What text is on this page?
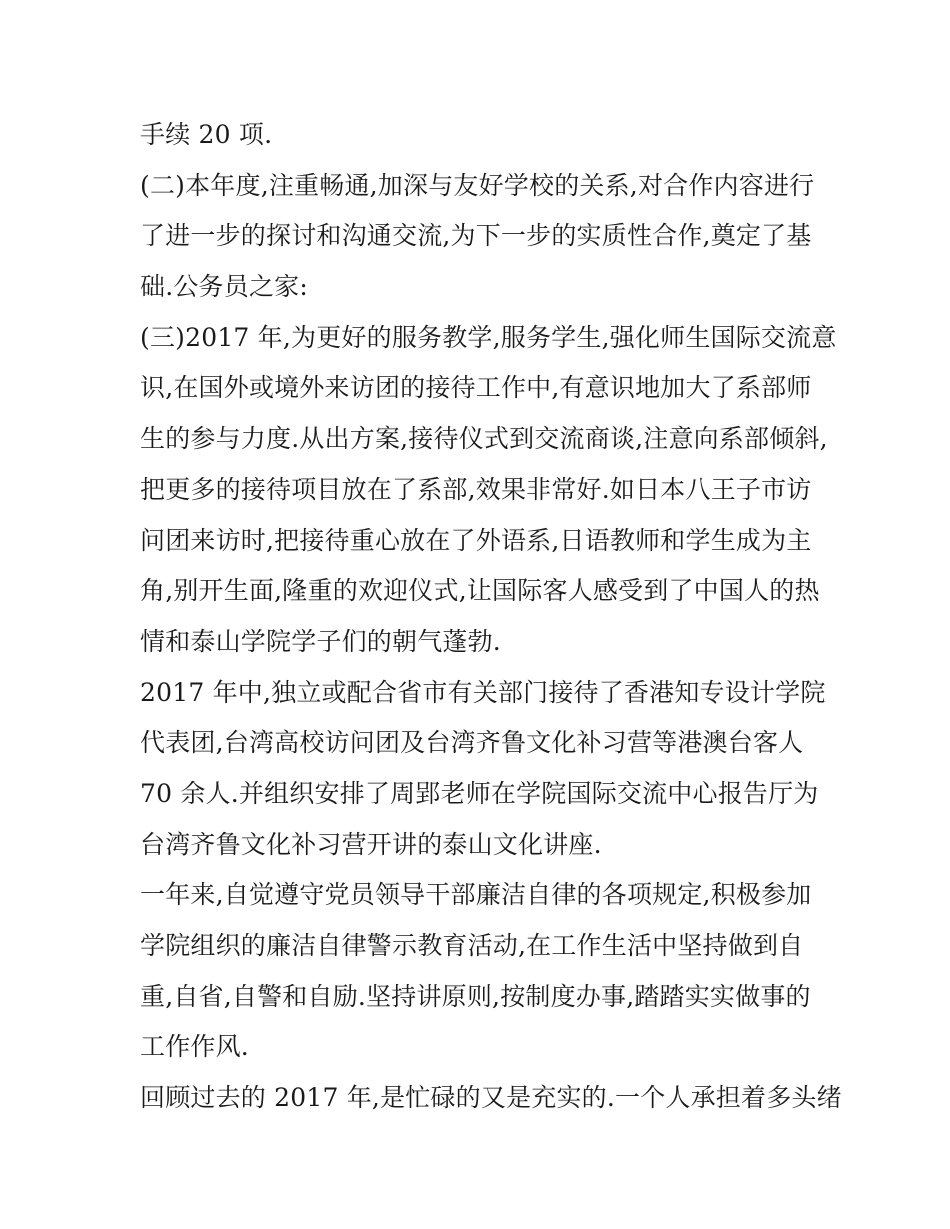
手续 20 项.
(二)本年度,注重畅通,加深与友好学校的关系,对合作内容进行
了进一步的探讨和沟通交流,为下一步的实质性合作,奠定了基
础.公务员之家:
(三)2017 年,为更好的服务教学,服务学生,强化师生国际交流意
识,在国外或境外来访团的接待工作中,有意识地加大了系部师
生的参与力度.从出方案,接待仪式到交流商谈,注意向系部倾斜,
把更多的接待项目放在了系部,效果非常好.如日本八王子市访
问团来访时,把接待重心放在了外语系,日语教师和学生成为主
角,别开生面,隆重的欢迎仪式,让国际客人感受到了中国人的热
情和泰山学院学子们的朝气蓬勃.
2017 年中,独立或配合省市有关部门接待了香港知专设计学院
代表团,台湾高校访问团及台湾齐鲁文化补习营等港澳台客人
70 余人.并组织安排了周郢老师在学院国际交流中心报告厅为
台湾齐鲁文化补习营开讲的泰山文化讲座.
一年来,自觉遵守党员领导干部廉洁自律的各项规定,积极参加
学院组织的廉洁自律警示教育活动,在工作生活中坚持做到自
重,自省,自警和自励.坚持讲原则,按制度办事,踏踏实实做事的
工作作风.
回顾过去的 2017 年,是忙碌的又是充实的.一个人承担着多头绪
